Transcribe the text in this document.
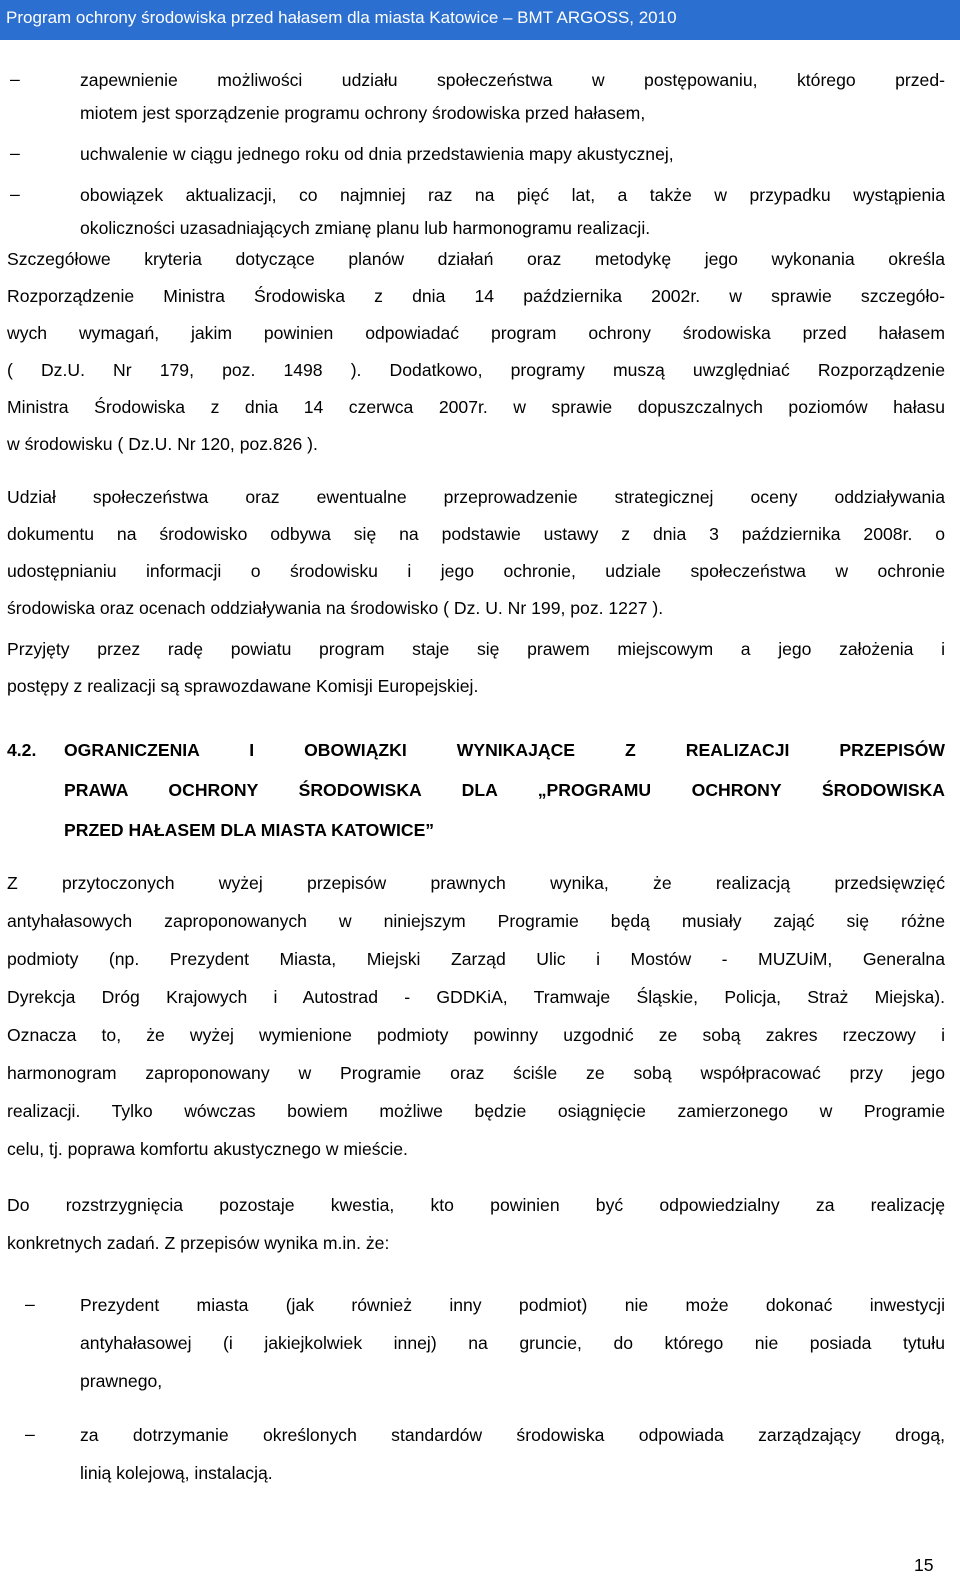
Program ochrony środowiska przed hałasem dla miasta Katowice – BMT ARGOSS, 2010
–	zapewnienie możliwości udziału społeczeństwa w postępowaniu, którego przed-
miotem jest sporządzenie programu ochrony środowiska przed hałasem,
–	uchwalenie w ciągu jednego roku od dnia przedstawienia mapy akustycznej,
–	obowiązek aktualizacji, co najmniej raz na pięć lat, a także w przypadku wystąpienia
okoliczności uzasadniających zmianę planu lub harmonogramu realizacji.
Szczegółowe kryteria dotyczące planów działań oraz metodykę jego wykonania określa
Rozporządzenie Ministra Środowiska z dnia 14 października 2002r. w sprawie szczegóło-
wych wymagań, jakim powinien odpowiadać program ochrony środowiska przed hałasem
( Dz.U. Nr 179, poz. 1498 ). Dodatkowo, programy muszą uwzględniać Rozporządzenie
Ministra Środowiska z dnia 14 czerwca 2007r. w sprawie dopuszczalnych poziomów hałasu
w środowisku ( Dz.U. Nr 120, poz.826 ).
Udział społeczeństwa oraz ewentualne przeprowadzenie strategicznej oceny oddziaływania
dokumentu na środowisko odbywa się na podstawie ustawy z dnia 3 października 2008r. o
udostępnianiu informacji o środowisku i jego ochronie, udziale społeczeństwa w ochronie
środowiska oraz ocenach oddziaływania na środowisko ( Dz. U. Nr 199, poz. 1227 ).
Przyjęty przez radę powiatu program staje się prawem miejscowym a jego założenia i
postępy z realizacji są sprawozdawane Komisji Europejskiej.
4.2. OGRANICZENIA I OBOWIĄZKI WYNIKAJĄCE Z REALIZACJI PRZEPISÓW
PRAWA OCHRONY ŚRODOWISKA DLA „PROGRAMU OCHRONY ŚRODOWISKA
PRZED HAŁASEM DLA MIASTA KATOWICE”
Z przytoczonych wyżej przepisów prawnych wynika, że realizacją przedsięwzięć
antyhałasowych zaproponowanych w niniejszym Programie będą musiały zająć się różne
podmioty (np. Prezydent Miasta, Miejski Zarząd Ulic i Mostów - MUZUiM, Generalna
Dyrekcja Dróg Krajowych i Autostrad - GDDKiA, Tramwaje Śląskie, Policja, Straż Miejska).
Oznacza to, że wyżej wymienione podmioty powinny uzgodnić ze sobą zakres rzeczowy i
harmonogram zaproponowany w Programie oraz ściśle ze sobą współpracować przy jego
realizacji. Tylko wówczas bowiem możliwe będzie osiągnięcie zamierzonego w Programie
celu, tj. poprawa komfortu akustycznego w mieście.
Do rozstrzygnięcia pozostaje kwestia, kto powinien być odpowiedzialny za realizację
konkretnych zadań. Z przepisów wynika m.in. że:
–	Prezydent miasta (jak również inny podmiot) nie może dokonać inwestycji
antyhałasowej (i jakiejkolwiek innej) na gruncie, do którego nie posiada tytułu
prawnego,
–	za dotrzymanie określonych standardów środowiska odpowiada zarządzający drogą,
linią kolejową, instalacją.
15
